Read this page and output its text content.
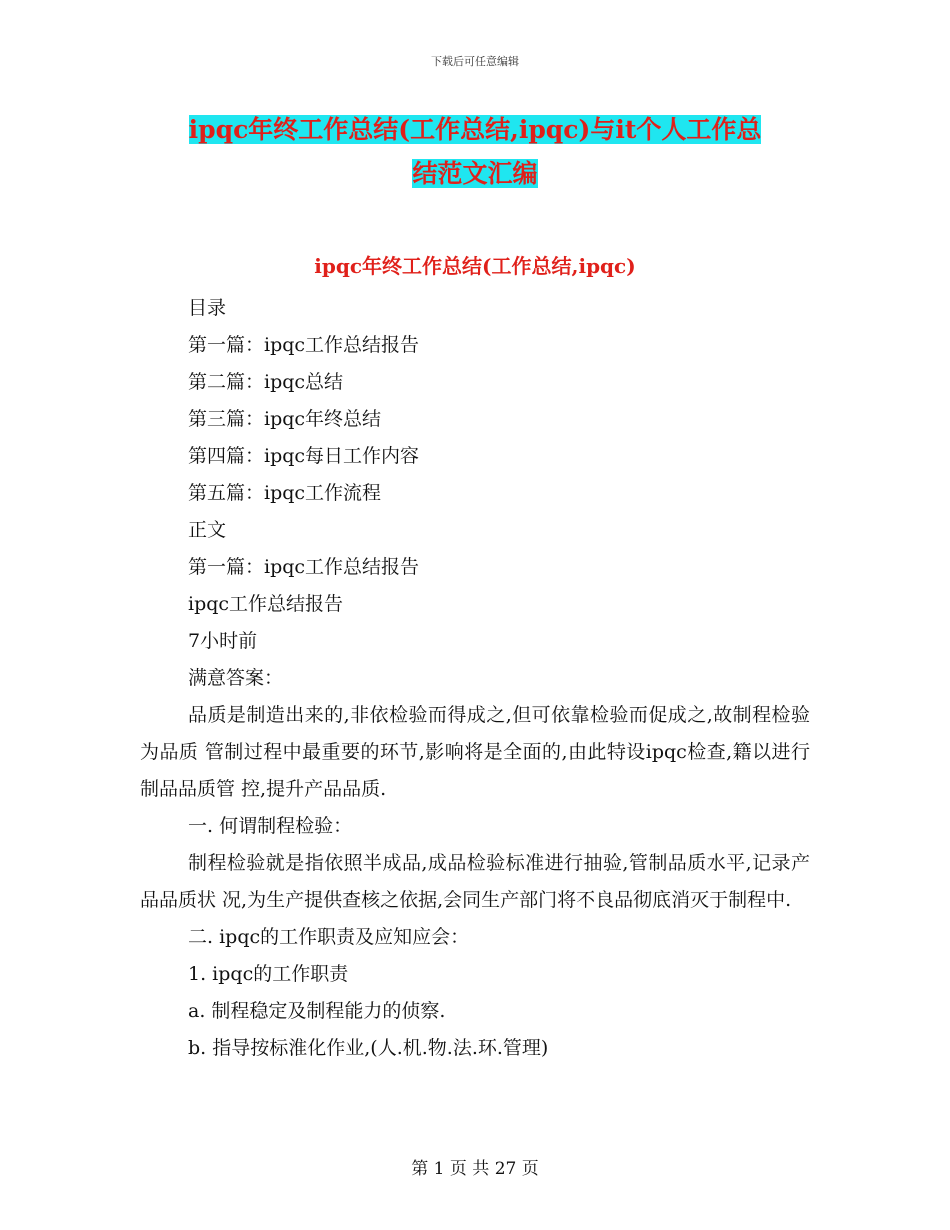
下载后可任意编辑
ipqc年终工作总结(工作总结,ipqc)与it个人工作总
结范文汇编
ipqc年终工作总结(工作总结,ipqc)
目录
第一篇：ipqc工作总结报告
第二篇：ipqc总结
第三篇：ipqc年终总结
第四篇：ipqc每日工作内容
第五篇：ipqc工作流程
正文
第一篇：ipqc工作总结报告
ipqc工作总结报告
7小时前
满意答案：
品质是制造出来的,非依检验而得成之,但可依靠检验而促成之,故制程检验为品质 管制过程中最重要的环节,影响将是全面的,由此特设ipqc检查,籍以进行制品品质管 控,提升产品品质.
一. 何谓制程检验：
制程检验就是指依照半成品,成品检验标准进行抽验,管制品质水平,记录产品品质状 况,为生产提供查核之依据,会同生产部门将不良品彻底消灭于制程中.
二. ipqc的工作职责及应知应会：
1. ipqc的工作职责
a. 制程稳定及制程能力的侦察.
b. 指导按标淮化作业,(人.机.物.法.环.管理)
第 1 页 共 27 页
